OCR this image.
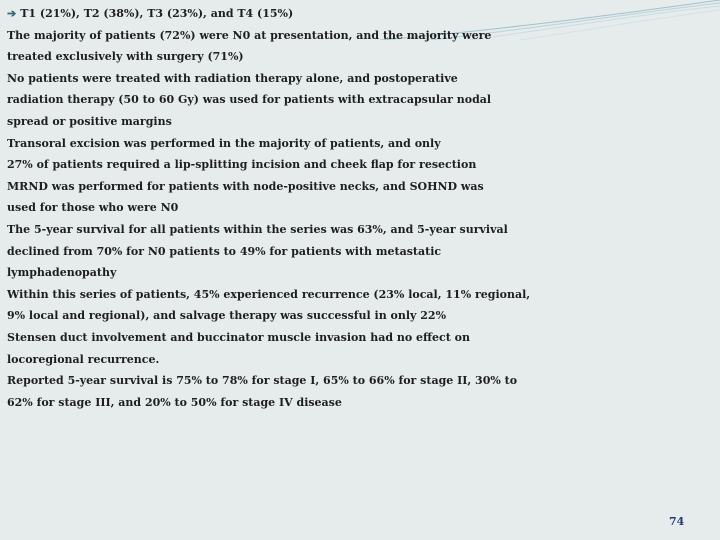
➔ T1 (21%), T2 (38%), T3 (23%), and T4 (15%)
The majority of patients (72%) were N0 at presentation, and the majority were
treated exclusively with surgery (71%)
No patients were treated with radiation therapy alone, and postoperative
radiation therapy (50 to 60 Gy) was used for patients with extracapsular nodal
spread or positive margins
Transoral excision was performed in the majority of patients, and only
27% of patients required a lip-splitting incision and cheek flap for resection
MRND was performed for patients with node-positive necks, and SOHND was
used for those who were N0
The 5-year survival for all patients within the series was 63%, and 5-year survival
declined from 70% for N0 patients to 49% for patients with metastatic
lymphadenopathy
Within this series of patients, 45% experienced recurrence (23% local, 11% regional,
9% local and regional), and salvage therapy was successful in only 22%
Stensen duct involvement and buccinator muscle invasion had no effect on
locoregional recurrence.
Reported 5-year survival is 75% to 78% for stage I, 65% to 66% for stage II, 30% to
62% for stage III, and 20% to 50% for stage IV disease
74
